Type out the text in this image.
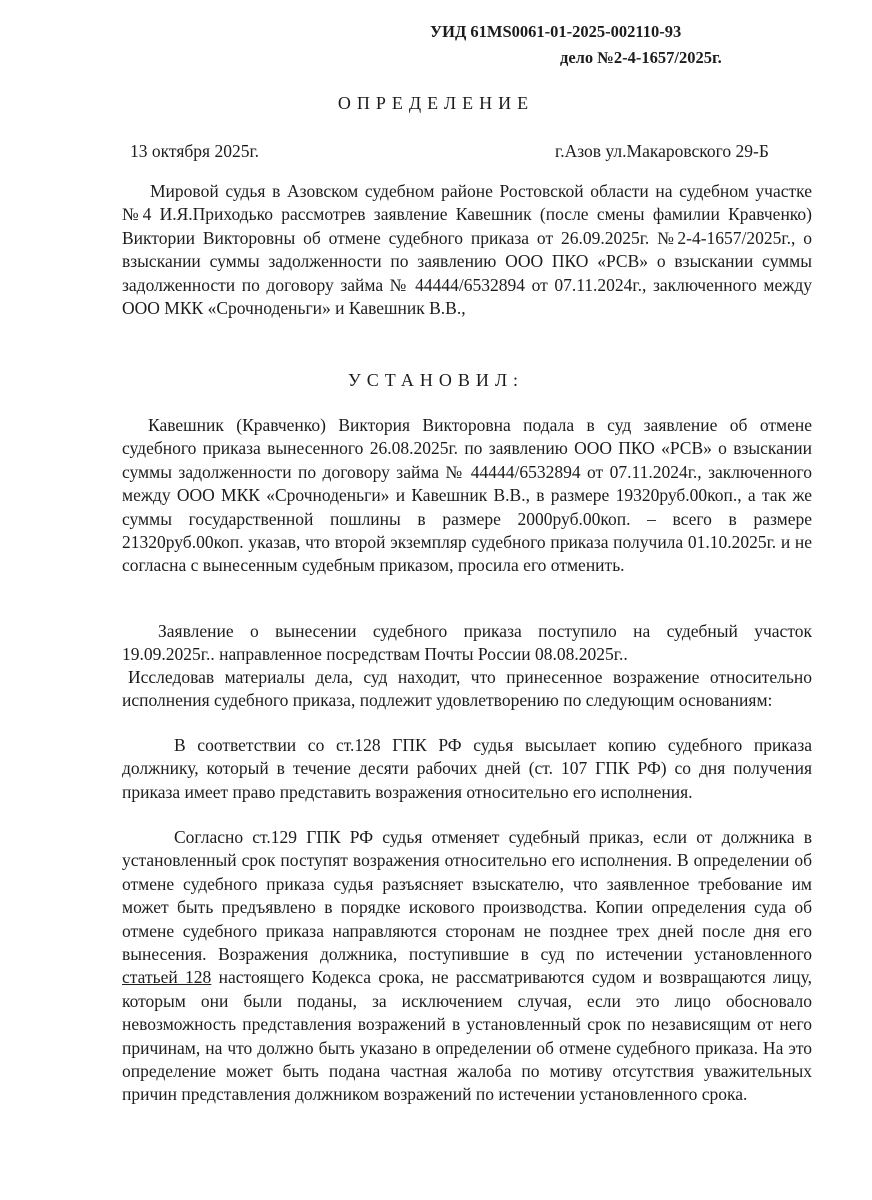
УИД 61MS0061-01-2025-002110-93
дело №2-4-1657/2025г.
ОПРЕДЕЛЕНИЕ
13 октября 2025г.	г.Азов ул.Макаровского 29-Б

Мировой судья в Азовском судебном районе Ростовской области на судебном участке №4 И.Я.Приходько рассмотрев заявление Кавешник (после смены фамилии Кравченко) Виктории Викторовны об отмене судебного приказа от 26.09.2025г. №2-4-1657/2025г., о взыскании суммы задолженности по заявлению ООО ПКО «РСВ» о взыскании суммы задолженности по договору займа № 44444/6532894 от 07.11.2024г., заключенного между ООО МКК «Срочноденьги» и Кавешник В.В.,

УСТАНОВИЛ:

Кавешник (Кравченко) Виктория Викторовна подала в суд заявление об отмене судебного приказа вынесенного 26.08.2025г. по заявлению ООО ПКО «РСВ» о взыскании суммы задолженности по договору займа № 44444/6532894 от 07.11.2024г., заключенного между ООО МКК «Срочноденьги» и Кавешник В.В., в размере 19320руб.00коп., а так же суммы государственной пошлины в размере 2000руб.00коп. – всего в размере 21320руб.00коп. указав, что второй экземпляр судебного приказа получила 01.10.2025г. и не согласна с вынесенным судебным приказом, просила его отменить.

Заявление о вынесении судебного приказа поступило на судебный участок 19.09.2025г.. направленное посредствам Почты России 08.08.2025г..

Исследовав материалы дела, суд находит, что принесенное возражение относительно исполнения судебного приказа, подлежит удовлетворению по следующим основаниям:

В соответствии со ст.128 ГПК РФ судья высылает копию судебного приказа должнику, который в течение десяти рабочих дней (ст. 107 ГПК РФ) со дня получения приказа имеет право представить возражения относительно его исполнения.

Согласно ст.129 ГПК РФ судья отменяет судебный приказ, если от должника в установленный срок поступят возражения относительно его исполнения. В определении об отмене судебного приказа судья разъясняет взыскателю, что заявленное требование им может быть предъявлено в порядке искового производства. Копии определения суда об отмене судебного приказа направляются сторонам не позднее трех дней после дня его вынесения. Возражения должника, поступившие в суд по истечении установленного статьей 128 настоящего Кодекса срока, не рассматриваются судом и возвращаются лицу, которым они были поданы, за исключением случая, если это лицо обосновало невозможность представления возражений в установленный срок по независящим от него причинам, на что должно быть указано в определении об отмене судебного приказа. На это определение может быть подана частная жалоба по мотиву отсутствия уважительных причин представления должником возражений по истечении установленного срока.
